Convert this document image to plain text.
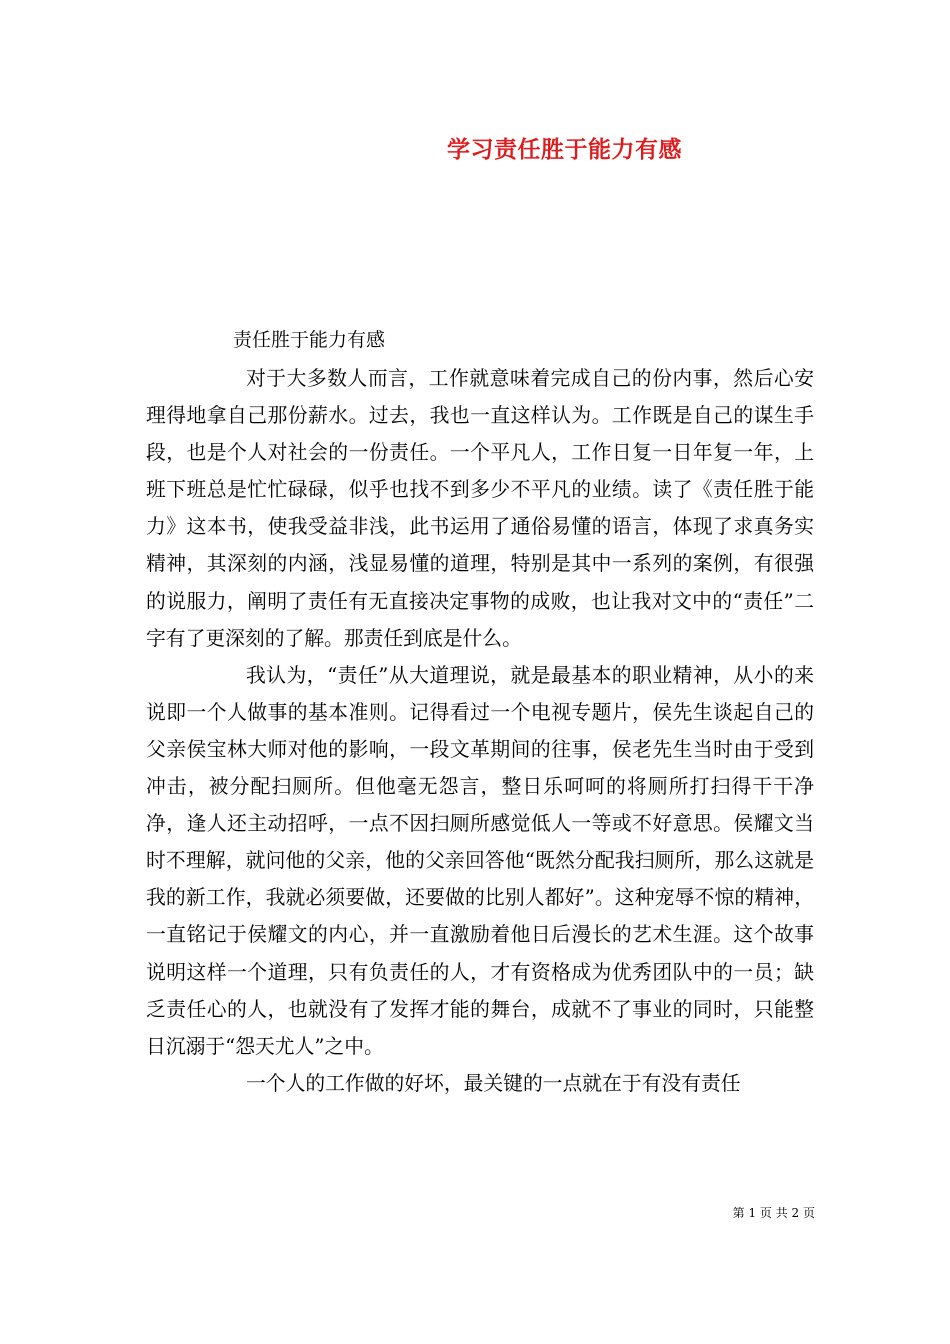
学习责任胜于能力有感
责任胜于能力有感

对于大多数人而言，工作就意味着完成自己的份内事，然后心安理得地拿自己那份薪水。过去，我也一直这样认为。工作既是自己的谋生手段，也是个人对社会的一份责任。一个平凡人，工作日复一日年复一年，上班下班总是忙忙碌碌，似乎也找不到多少不平凡的业绩。读了《责任胜于能力》这本书，使我受益非浅，此书运用了通俗易懂的语言，体现了求真务实精神，其深刻的内涵，浅显易懂的道理，特别是其中一系列的案例，有很强的说服力，阐明了责任有无直接决定事物的成败，也让我对文中的“责任”二字有了更深刻的了解。那责任到底是什么。

我认为，“责任”从大道理说，就是最基本的职业精神，从小的来说即一个人做事的基本准则。记得看过一个电视专题片，侯先生谈起自己的父亲侯宝林大师对他的影响，一段文革期间的往事，侯老先生当时由于受到冲击，被分配扫厕所。但他毫无怨言，整日乐呵呵的将厕所打扫得干干净净，逢人还主动招呼，一点不因扫厕所感觉低人一等或不好意思。侯耀文当时不理解，就问他的父亲，他的父亲回答他“既然分配我扫厕所，那么这就是我的新工作，我就必须要做，还要做的比别人都好”。这种宠辱不惊的精神，一直铭记于侯耀文的内心，并一直激励着他日后漫长的艺术生涯。这个故事说明这样一个道理，只有负责任的人，才有资格成为优秀团队中的一员；缺乏责任心的人，也就没有了发挥才能的舞台，成就不了事业的同时，只能整日沉溺于“怨天尤人”之中。

一个人的工作做的好坏，最关键的一点就在于有没有责任

第 1 页 共 2 页
